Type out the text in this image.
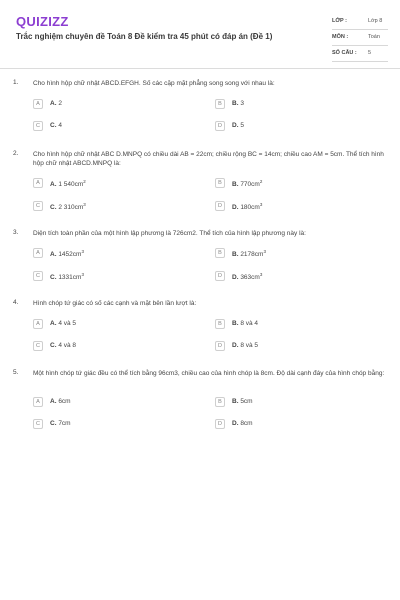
QUIZIZZ
Trắc nghiệm chuyên đề Toán 8 Đề kiểm tra 45 phút có đáp án (Đề 1)
LỚP :	Lớp 8
MÔN :	Toán
SỐ CÂU : 5
1. Cho hình hộp chữ nhật ABCD.EFGH. Số các cặp mặt phẳng song song với nhau là:
A	A. 2	B	B. 3
C	C. 4	D	D. 5
2. Cho hình hộp chữ nhật ABC D.MNPQ có chiều dài AB = 22cm; chiều rộng BC = 14cm; chiều cao AM = 5cm. Thể tích hình hộp chữ nhật ABCD.MNPQ là:
A	A. 1 $540cm^2$	B	B. $770cm^2$
C	C. 2 $310cm^3$	D	D. $180cm^3$
3. Diện tích toàn phần của một hình lập phương là 726cm2. Thể tích của hình lập phương này là:
A	A. $1452cm^3$	B	B. $2178cm^3$
C	C. $1331cm^3$	D	D. $363cm^3$
4. Hình chóp tứ giác có số các cạnh và mặt bên lần lượt là:
A	A. 4 và 5	B	B. 8 và 4
C	C. 4 và 8	D	D. 8 và 5
5. Một hình chóp tứ giác đều có thể tích bằng 96cm3, chiều cao của hình chóp là 8cm. Độ dài cạnh đáy của hình chóp bằng:
A	A. 6cm	B	B. 5cm
C	C. 7cm	D	D. 8cm
